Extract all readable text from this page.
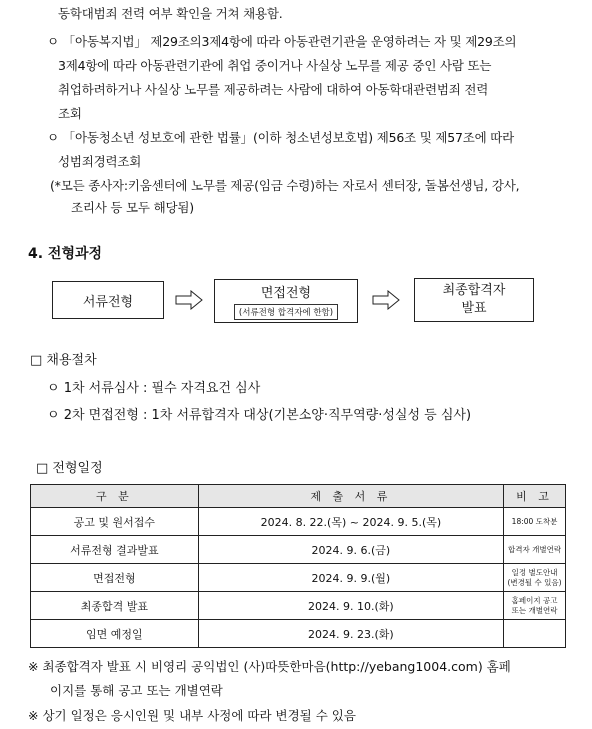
동학대범죄 전력 여부 확인을 거쳐 채용함.
ㅇ 「아동복지법」 제29조의3제4항에 따라 아동관련기관을 운영하려는 자 및 제29조의
3제4항에 따라 아동관련기관에 취업 중이거나 사실상 노무를 제공 중인 사람 또는
취업하려하거나 사실상 노무를 제공하려는 사람에 대하여 아동학대관련범죄 전력
조회
ㅇ 「아동청소년 성보호에 관한 법률」(이하 청소년성보호법) 제56조 및 제57조에 따라
성범죄경력조회
(*모든 종사자:키움센터에 노무를 제공(임금 수령)하는 자로서 센터장, 돌봄선생님, 강사,
조리사 등 모두 해당됨)
4. 전형과정
서류전형
면접전형
(서류전형 합격자에 한함)
최종합격자
발표
□ 채용절차
ㅇ 1차 서류심사 : 필수 자격요건 심사
ㅇ 2차 면접전형 : 1차 서류합격자 대상(기본소양·직무역량·성실성 등 심사)
□ 전형일정
구 분	제 출 서 류	비 고
공고 및 원서접수	2024. 8. 22.(목) ~ 2024. 9. 5.(목)	18:00 도착분
서류전형 결과발표	2024. 9. 6.(금)	합격자 개별연락
면접전형	2024. 9. 9.(월)	일정 별도안내
(변경될 수 있음)
최종합격 발표	2024. 9. 10.(화)	홈페이지 공고
또는 개별연락
임면 예정일	2024. 9. 23.(화)	
※ 최종합격자 발표 시 비영리 공익법인 (사)따뜻한마음(http://yebang1004.com) 홈페
이지를 통해 공고 또는 개별연락
※ 상기 일정은 응시인원 및 내부 사정에 따라 변경될 수 있음
